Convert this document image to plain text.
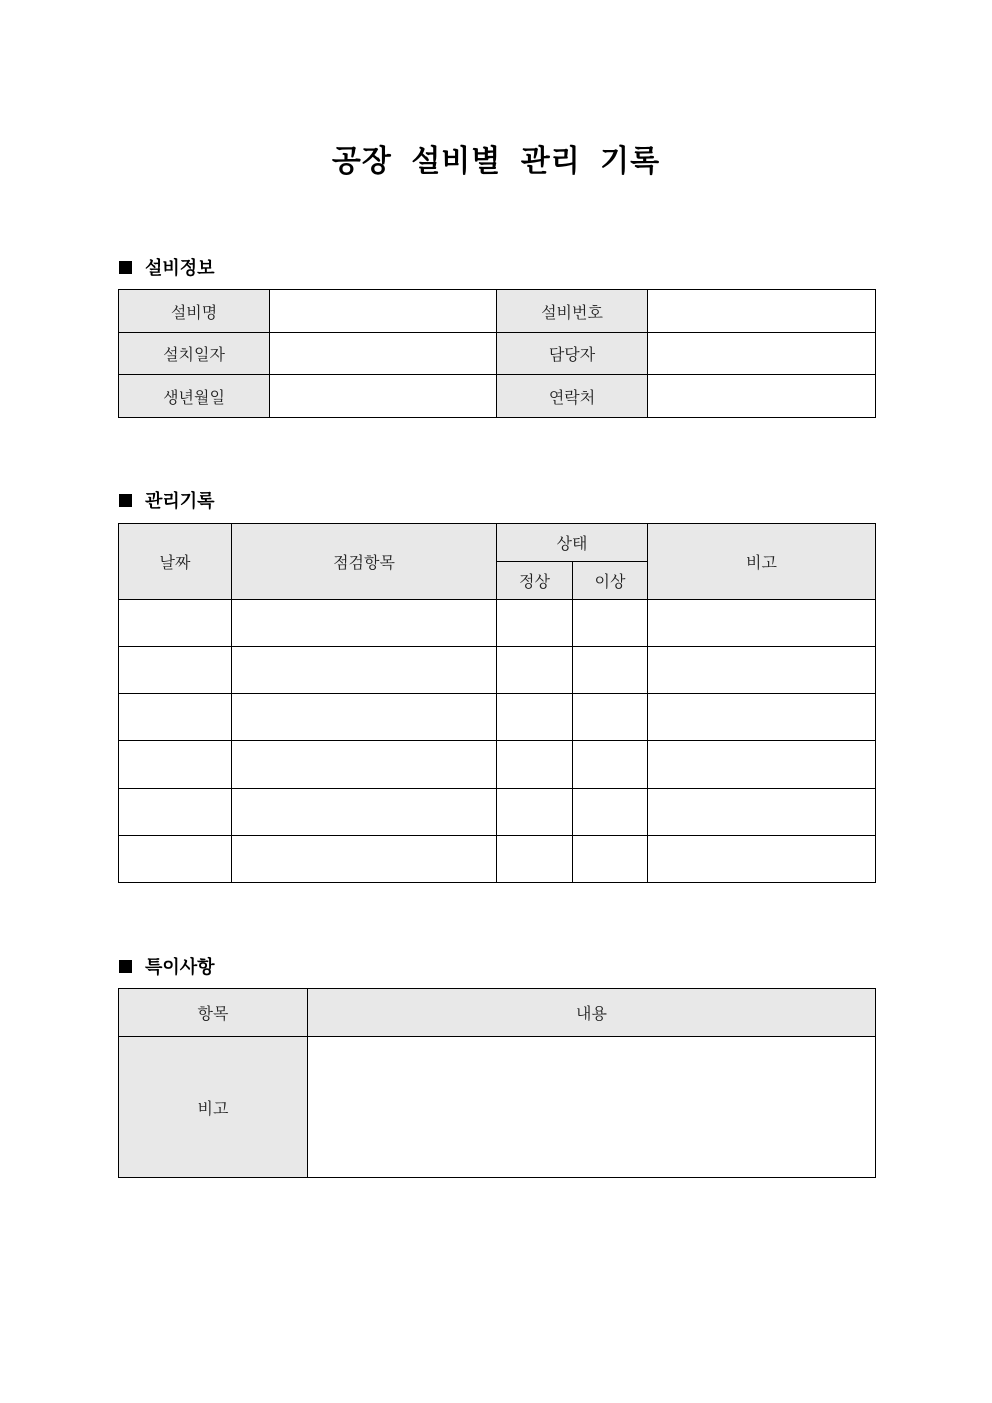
공장 설비별 관리 기록
설비정보
설비명		설비번호	
설치일자		담당자	
생년월일		연락처	
관리기록
날짜	점검항목	상태		비고
		정상	이상	

특이사항
항목	내용
비고	
